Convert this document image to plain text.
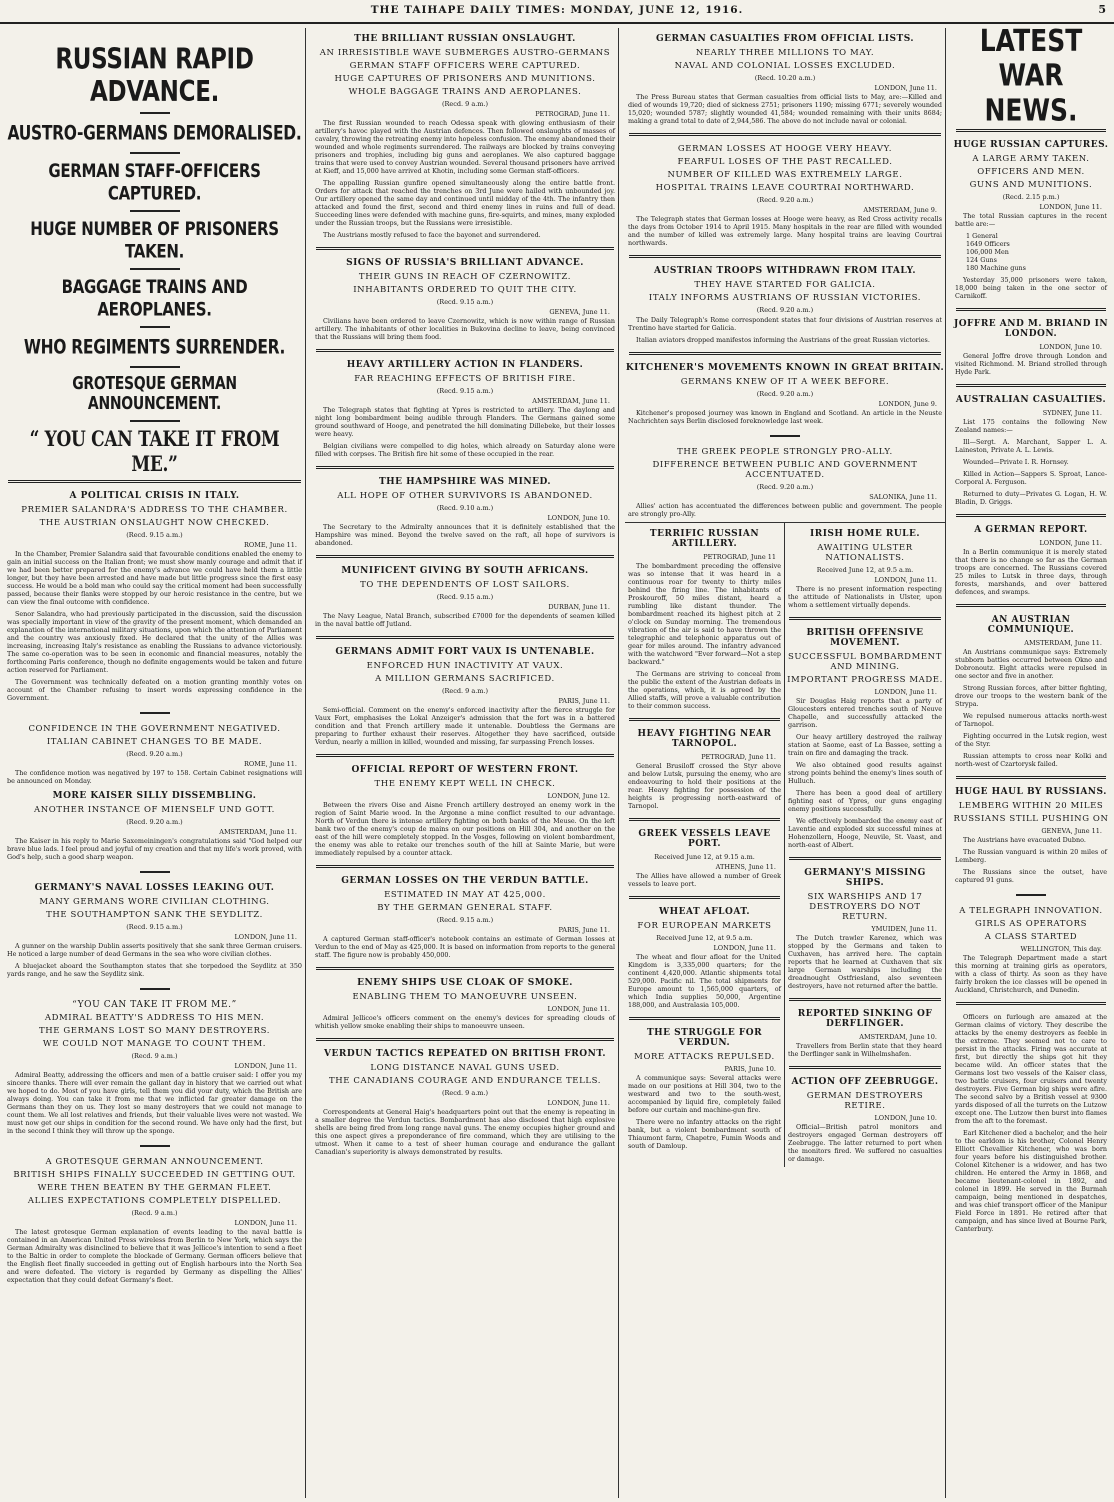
THE TAIHAPE DAILY TIMES: MONDAY, JUNE 12, 1916.	5
RUSSIAN RAPID ADVANCE.
AUSTRO-GERMANS DEMORALISED.
GERMAN STAFF-OFFICERS CAPTURED.
HUGE NUMBER OF PRISONERS TAKEN.
BAGGAGE TRAINS AND AEROPLANES.
WHO REGIMENTS SURRENDER.
GROTESQUE GERMAN ANNOUNCEMENT.
“ YOU CAN TAKE IT FROM ME.”
A POLITICAL CRISIS IN ITALY.
PREMIER SALANDRA'S ADDRESS TO THE CHAMBER.
THE AUSTRIAN ONSLAUGHT NOW CHECKED.
(Recd. 9.15 a.m.)
ROME, June 11.

In the Chamber, Premier Salandra said that favourable conditions enabled the enemy to gain an initial success on the Italian front; we must show manly courage and admit that if we had been better prepared for the enemy's advance we could have held them a little longer, but they have been arrested and have made but little progress since the first easy success. He would be a bold man who could say the critical moment had been successfully passed, because their flanks were stopped by our heroic resistance in the centre, but we can view the final outcome with confidence.

Senor Salandra, who had previously participated in the discussion, said the discussion was specially important in view of the gravity of the present moment, which demanded an explanation of the international military situations, upon which the attention of Parliament and the country was anxiously fixed. He declared that the unity of the Allies was increasing, increasing Italy's resistance as enabling the Russians to advance victoriously. The same co-operation was to be seen in economic and financial measures, notably the forthcoming Paris conference, though no definite engagements would be taken and future action reserved for Parliament.

The Government was technically defeated on a motion granting monthly votes on account of the Chamber refusing to insert words expressing confidence in the Government.

CONFIDENCE IN THE GOVERNMENT NEGATIVED.
ITALIAN CABINET CHANGES TO BE MADE.
(Recd. 9.20 a.m.)
ROME, June 11.

The confidence motion was negatived by 197 to 158. Certain Cabinet resignations will be announced on Monday.

MORE KAISER SILLY DISSEMBLING.
ANOTHER INSTANCE OF MIENSELF UND GOTT.
(Recd. 9.20 a.m.)
AMSTERDAM, June 11.

The Kaiser in his reply to Marie Saxemeiningen's congratulations said "God helped our brave blue lads. I feel proud and joyful of my creation and that my life's work proved, with God's help, such a good sharp weapon.

GERMANY'S NAVAL LOSSES LEAKING OUT.
MANY GERMANS WORE CIVILIAN CLOTHING.
THE SOUTHAMPTON SANK THE SEYDLITZ.
(Recd. 9.15 a.m.)
LONDON, June 11.

A gunner on the warship Dublin asserts positively that she sank three German cruisers. He noticed a large number of dead Germans in the sea who wore civilian clothes.

A bluejacket aboard the Southampton states that she torpedoed the Seydlitz at 350 yards range, and he saw the Seydlitz sink.

“YOU CAN TAKE IT FROM ME.”
ADMIRAL BEATTY'S ADDRESS TO HIS MEN.
THE GERMANS LOST SO MANY DESTROYERS.
WE COULD NOT MANAGE TO COUNT THEM.
(Recd. 9 a.m.)
LONDON, June 11.

Admiral Beatty, addressing the officers and men of a battle cruiser said: I offer you my sincere thanks. There will ever remain the gallant day in history that we carried out what we hoped to do. Most of you have girls, tell them you did your duty, which the British are always doing. You can take it from me that we inflicted far greater damage on the Germans than they on us. They lost so many destroyers that we could not manage to count them. We all lost relatives and friends, but their valuable lives were not wasted. We must now get our ships in condition for the second round. We have only had the first, but in the second I think they will throw up the sponge.

A GROTESQUE GERMAN ANNOUNCEMENT.
BRITISH SHIPS FINALLY SUCCEEDED IN GETTING OUT.
WERE THEN BEATEN BY THE GERMAN FLEET.
ALLIES EXPECTATIONS COMPLETELY DISPELLED.
(Recd. 9 a.m.)
LONDON, June 11.

The latest grotesque German explanation of events leading to the naval battle is contained in an American United Press wireless from Berlin to New York, which says the German Admiralty was disinclined to believe that it was Jellicoe's intention to send a fleet to the Baltic in order to complete the blockade of Germany. German officers believe that the English fleet finally succeeded in getting out of English harbours into the North Sea and were defeated. The victory is regarded by Germany as dispelling the Allies' expectation that they could defeat Germany's fleet.

THE BRILLIANT RUSSIAN ONSLAUGHT.
AN IRRESISTIBLE WAVE SUBMERGES AUSTRO-GERMANS
GERMAN STAFF OFFICERS WERE CAPTURED.
HUGE CAPTURES OF PRISONERS AND MUNITIONS.
WHOLE BAGGAGE TRAINS AND AEROPLANES.
(Recd. 9 a.m.)
PETROGRAD, June 11.

The first Russian wounded to reach Odessa speak with glowing enthusiasm of their artillery's havoc played with the Austrian defences. Then followed onslaughts of masses of cavalry, throwing the retreating enemy into hopeless confusion. The enemy abandoned their wounded and whole regiments surrendered. The railways are blocked by trains conveying prisoners and trophies, including big guns and aeroplanes. We also captured baggage trains that were used to convey Austrian wounded. Several thousand prisoners have arrived at Kieff, and 15,000 have arrived at Khotin, including some German staff-officers.

The appalling Russian gunfire opened simultaneously along the entire battle front. Orders for attack that reached the trenches on 3rd June were hailed with unbounded joy. Our artillery opened the same day and continued until midday of the 4th. The infantry then attacked and found the first, second and third enemy lines in ruins and full of dead. Succeeding lines were defended with machine guns, fire-squirts, and mines, many exploded under the Russian troops, but the Russians were irresistible.

The Austrians mostly refused to face the bayonet and surrendered.

SIGNS OF RUSSIA'S BRILLIANT ADVANCE.
THEIR GUNS IN REACH OF CZERNOWITZ.
INHABITANTS ORDERED TO QUIT THE CITY.
(Recd. 9.15 a.m.)
GENEVA, June 11.

Civilians have been ordered to leave Czernowitz, which is now within range of Russian artillery. The inhabitants of other localities in Bukovina decline to leave, being convinced that the Russians will bring them food.

HEAVY ARTILLERY ACTION IN FLANDERS.
FAR REACHING EFFECTS OF BRITISH FIRE.
(Recd. 9.15 a.m.)
AMSTERDAM, June 11.

The Telegraph states that fighting at Ypres is restricted to artillery. The daylong and night long bombardment being audible through Flanders. The Germans gained some ground southward of Hooge, and penetrated the hill dominating Dillebeke, but their losses were heavy.

Belgian civilians were compelled to dig holes, which already on Saturday alone were filled with corpses. The British fire hit some of these occupied in the rear.

THE HAMPSHIRE WAS MINED.
ALL HOPE OF OTHER SURVIVORS IS ABANDONED.
(Recd. 9.10 a.m.)
LONDON, June 10.

The Secretary to the Admiralty announces that it is definitely established that the Hampshire was mined. Beyond the twelve saved on the raft, all hope of survivors is abandoned.

MUNIFICENT GIVING BY SOUTH AFRICANS.
TO THE DEPENDENTS OF LOST SAILORS.
(Recd. 9.15 a.m.)
DURBAN, June 11.

The Navy League, Natal Branch, subscribed £7000 for the dependents of seamen killed in the naval battle off Jutland.

GERMANS ADMIT FORT VAUX IS UNTENABLE.
ENFORCED HUN INACTIVITY AT VAUX.
A MILLION GERMANS SACRIFICED.
(Recd. 9 a.m.)
PARIS, June 11.

Semi-official. Comment on the enemy's enforced inactivity after the fierce struggle for Vaux Fort, emphasises the Lokal Anzeiger's admission that the fort was in a battered condition and that French artillery made it untenable. Doubtless the Germans are preparing to further exhaust their reserves. Altogether they have sacrificed, outside Verdun, nearly a million in killed, wounded and missing, far surpassing French losses.

OFFICIAL REPORT OF WESTERN FRONT.
THE ENEMY KEPT WELL IN CHECK.
LONDON, June 12.

Between the rivers Oise and Aisne French artillery destroyed an enemy work in the region of Saint Marie wood. In the Argonne a mine conflict resulted to our advantage. North of Verdun there is intense artillery fighting on both banks of the Meuse. On the left bank two of the enemy's coup de mains on our positions on Hill 304, and another on the east of the hill were completely stopped. In the Vosges, following on violent bombardment, the enemy was able to retake our trenches south of the hill at Sainte Marie, but were immediately repulsed by a counter attack.

GERMAN LOSSES ON THE VERDUN BATTLE.
ESTIMATED IN MAY AT 425,000.
BY THE GERMAN GENERAL STAFF.
(Recd. 9.15 a.m.)
PARIS, June 11.

A captured German staff-officer's notebook contains an estimate of German losses at Verdun to the end of May as 425,000. It is based on information from reports to the general staff. The figure now is probably 450,000.

ENEMY SHIPS USE CLOAK OF SMOKE.
ENABLING THEM TO MANOEUVRE UNSEEN.
LONDON, June 11.

Admiral Jellicoe's officers comment on the enemy's devices for spreading clouds of whitish yellow smoke enabling their ships to manoeuvre unseen.

VERDUN TACTICS REPEATED ON BRITISH FRONT.
LONG DISTANCE NAVAL GUNS USED.
THE CANADIANS COURAGE AND ENDURANCE TELLS.
(Recd. 9 a.m.)
LONDON, June 11.

Correspondents at General Haig's headquarters point out that the enemy is repeating in a smaller degree the Verdun tactics. Bombardment has also disclosed that high explosive shells are being fired from long range naval guns. The enemy occupies higher ground and this one aspect gives a preponderance of fire command, which they are utilising to the utmost. When it came to a test of sheer human courage and endurance the gallant Canadian's superiority is always demonstrated by results.

GERMAN CASUALTIES FROM OFFICIAL LISTS.
NEARLY THREE MILLIONS TO MAY.
NAVAL AND COLONIAL LOSSES EXCLUDED.
(Recd. 10.20 a.m.)
LONDON, June 11.

The Press Bureau states that German casualties from official lists to May, are:—Killed and died of wounds 19,720; died of sickness 2751; prisoners 1190; missing 6771; severely wounded 15,020; wounded 5787; slightly wounded 41,584; wounded remaining with their units 8684; making a grand total to date of 2,944,586. The above do not include naval or colonial.

GERMAN LOSSES AT HOOGE VERY HEAVY.
FEARFUL LOSES OF THE PAST RECALLED.
NUMBER OF KILLED WAS EXTREMELY LARGE.
HOSPITAL TRAINS LEAVE COURTRAI NORTHWARD.
(Recd. 9.20 a.m.)
AMSTERDAM, June 9.

The Telegraph states that German losses at Hooge were heavy, as Red Cross activity recalls the days from October 1914 to April 1915. Many hospitals in the rear are filled with wounded and the number of killed was extremely large. Many hospital trains are leaving Courtrai northwards.

AUSTRIAN TROOPS WITHDRAWN FROM ITALY.
THEY HAVE STARTED FOR GALICIA.
ITALY INFORMS AUSTRIANS OF RUSSIAN VICTORIES.
(Recd. 9.20 a.m.)

The Daily Telegraph's Rome correspondent states that four divisions of Austrian reserves at Trentino have started for Galicia.

Italian aviators dropped manifestos informing the Austrians of the great Russian victories.

KITCHENER'S MOVEMENTS KNOWN IN GREAT BRITAIN.
GERMANS KNEW OF IT A WEEK BEFORE.
(Recd. 9.20 a.m.)
LONDON, June 9.

Kitchener's proposed journey was known in England and Scotland. An article in the Neuste Nachrichten says Berlin disclosed foreknowledge last week.

THE GREEK PEOPLE STRONGLY PRO-ALLY.
DIFFERENCE BETWEEN PUBLIC AND GOVERNMENT ACCENTUATED.
(Recd. 9.20 a.m.)
SALONIKA, June 11.

Allies' action has accentuated the differences between public and government. The people are strongly pro-Ally.

TERRIFIC RUSSIAN ARTILLERY.
PETROGRAD, June 11

The bombardment preceding the offensive was so intense that it was heard in a continuous roar for twenty to thirty miles behind the firing line. The inhabitants of Proskouroff, 50 miles distant, heard a rumbling like distant thunder. The bombardment reached its highest pitch at 2 o'clock on Sunday morning. The tremendous vibration of the air is said to have thrown the telegraphic and telephonic apparatus out of gear for miles around. The infantry advanced with the watchword "Ever forward—Not a step backward."

The Germans are striving to conceal from the public the extent of the Austrian defeats in the operations, which, it is agreed by the Allied staffs, will prove a valuable contribution to their common success.

HEAVY FIGHTING NEAR TARNOPOL.
PETROGRAD, June 11.

General Brusiloff crossed the Styr above and below Lutsk, pursuing the enemy, who are endeavouring to hold their positions at the rear. Heavy fighting for possession of the heights is progressing north-eastward of Tarnopol.

GREEK VESSELS LEAVE PORT.
Received June 12, at 9.15 a.m.
ATHENS, June 11.

The Allies have allowed a number of Greek vessels to leave port.

WHEAT AFLOAT.
FOR EUROPEAN MARKETS
Received June 12, at 9.5 a.m.
LONDON, June 11.

The wheat and flour afloat for the United Kingdom is 3,335,000 quarters; for the continent 4,420,000. Atlantic shipments total 529,000. Pacific nil. The total shipments for Europe amount to 1,565,000 quarters, of which India supplies 50,000, Argentine 188,000, and Australasia 105,000.

THE STRUGGLE FOR VERDUN.
MORE ATTACKS REPULSED.
PARIS, June 10.

A communique says: Several attacks were made on our positions at Hill 304, two to the westward and two to the south-west, accompanied by liquid fire, completely failed before our curtain and machine-gun fire.

There were no infantry attacks on the right bank, but a violent bombardment south of Thiaumont farm, Chapetre, Fumin Woods and south of Damloup.

IRISH HOME RULE.
AWAITING ULSTER NATIONALISTS.
Received June 12, at 9.5 a.m.
LONDON, June 11.

There is no present information respecting the attitude of Nationalists in Ulster, upon whom a settlement virtually depends.

BRITISH OFFENSIVE MOVEMENT.
SUCCESSFUL BOMBARDMENT AND MINING.
IMPORTANT PROGRESS MADE.
LONDON, June 11.

Sir Douglas Haig reports that a party of Gloucesters entered trenches south of Neuve Chapelle, and successfully attacked the garrison.

Our heavy artillery destroyed the railway station at Saome, east of La Bassee, setting a train on fire and damaging the track.

We also obtained good results against strong points behind the enemy's lines south of Hulluch.

There has been a good deal of artillery fighting east of Ypres, our guns engaging enemy positions successfully.

We effectively bombarded the enemy east of Laventie and exploded six successful mines at Hohenzollern, Hooge, Neuvile, St. Vaast, and north-east of Albert.

GERMANY'S MISSING SHIPS.
SIX WARSHIPS AND 17 DESTROYERS DO NOT RETURN.
YMUIDEN, June 11.

The Dutch trawler Karenez, which was stopped by the Germans and taken to Cuxhaven, has arrived here. The captain reports that he learned at Cuxhaven that six large German warships including the dreadnought Ostfriesland, also seventeen destroyers, have not returned after the battle.

REPORTED SINKING OF DERFLINGER.
AMSTERDAM, June 10.

Travellers from Berlin state that they heard the Derflinger sank in Wilhelmshafen.

ACTION OFF ZEEBRUGGE.
GERMAN DESTROYERS RETIRE.
LONDON, June 10.

Official—British patrol monitors and destroyers engaged German destroyers off Zeebrugge. The latter returned to port when the monitors fired. We suffered no casualties or damage.

LATEST WAR NEWS.
HUGE RUSSIAN CAPTURES.
A LARGE ARMY TAKEN.
OFFICERS AND MEN.
GUNS AND MUNITIONS.
(Recd. 2.15 p.m.)
LONDON, June 11.

The total Russian captures in the recent battle are:—

1 General
1649 Officers
106,000 Men
124 Guns
180 Machine guns

Yesterday 35,000 prisoners were taken, 18,000 being taken in the one sector of Carnikoff.

JOFFRE AND M. BRIAND IN LONDON.
LONDON, June 10.

General Joffre drove through London and visited Richmond. M. Briand strolled through Hyde Park.

AUSTRALIAN CASUALTIES.
SYDNEY, June 11.

List 175 contains the following New Zealand names:—

Ill—Sergt. A. Marchant, Sapper L. A. Laineston, Private A. L. Lewis.

Wounded—Private I. R. Hornsey.

Killed in Action—Sappers S. Sproat, Lance-Corporal A. Ferguson.

Returned to duty—Privates G. Logan, H. W. Bladin, D. Griggs.

A GERMAN REPORT.
LONDON, June 11.

In a Berlin communique it is merely stated that there is no change so far as the German troops are concerned. The Russians covered 25 miles to Lutsk in three days, through forests, marshands, and over battered defences, and swamps.

AN AUSTRIAN COMMUNIQUE.
AMSTERDAM, June 11.

An Austrians communique says: Extremely stubborn battles occurred between Okno and Dobronoutz. Eight attacks were repulsed in one sector and five in another.

Strong Russian forces, after bitter fighting, drove our troops to the western bank of the Strypa.

We repulsed numerous attacks north-west of Tarnopol.

Fighting occurred in the Lutsk region, west of the Styr.

Russian attempts to cross near Kolki and north-west of Czartorysk failed.

HUGE HAUL BY RUSSIANS.
LEMBERG WITHIN 20 MILES
RUSSIANS STILL PUSHING ON
GENEVA, June 11.

The Austrians have evacuated Dubno.

The Russian vanguard is within 20 miles of Lemberg.

The Russians since the outset, have captured 91 guns.

A TELEGRAPH INNOVATION.
GIRLS AS OPERATORS
A CLASS STARTED
WELLINGTON, This day.

The Telegraph Department made a start this morning at training girls as operators, with a class of thirty. As soon as they have fairly broken the ice classes will be opened in Auckland, Christchurch, and Dunedin.

Officers on furlough are amazed at the German claims of victory. They describe the attacks by the enemy destroyers as feeble in the extreme. They seemed not to care to persist in the attacks. Firing was accurate at first, but directly the ships got hit they became wild. An officer states that the Germans lost two vessels of the Kaiser class, two battle cruisers, four cruisers and twenty destroyers. Five German big ships were afire. The second salvo by a British vessel at 9300 yards disposed of all the turrets on the Lutzow except one. The Lutzow then burst into flames from the aft to the foremast.

Earl Kitchener died a bachelor, and the heir to the earldom is his brother, Colonel Henry Elliott Chevallier Kitchener, who was born four years before his distinguished brother. Colonel Kitchener is a widower, and has two children. He entered the Army in 1868, and became lieutenant-colonel in 1892, and colonel in 1899. He served in the Burmah campaign, being mentioned in despatches, and was chief transport officer of the Manipur Field Force in 1891. He retired after that campaign, and has since lived at Bourne Park, Canterbury.
